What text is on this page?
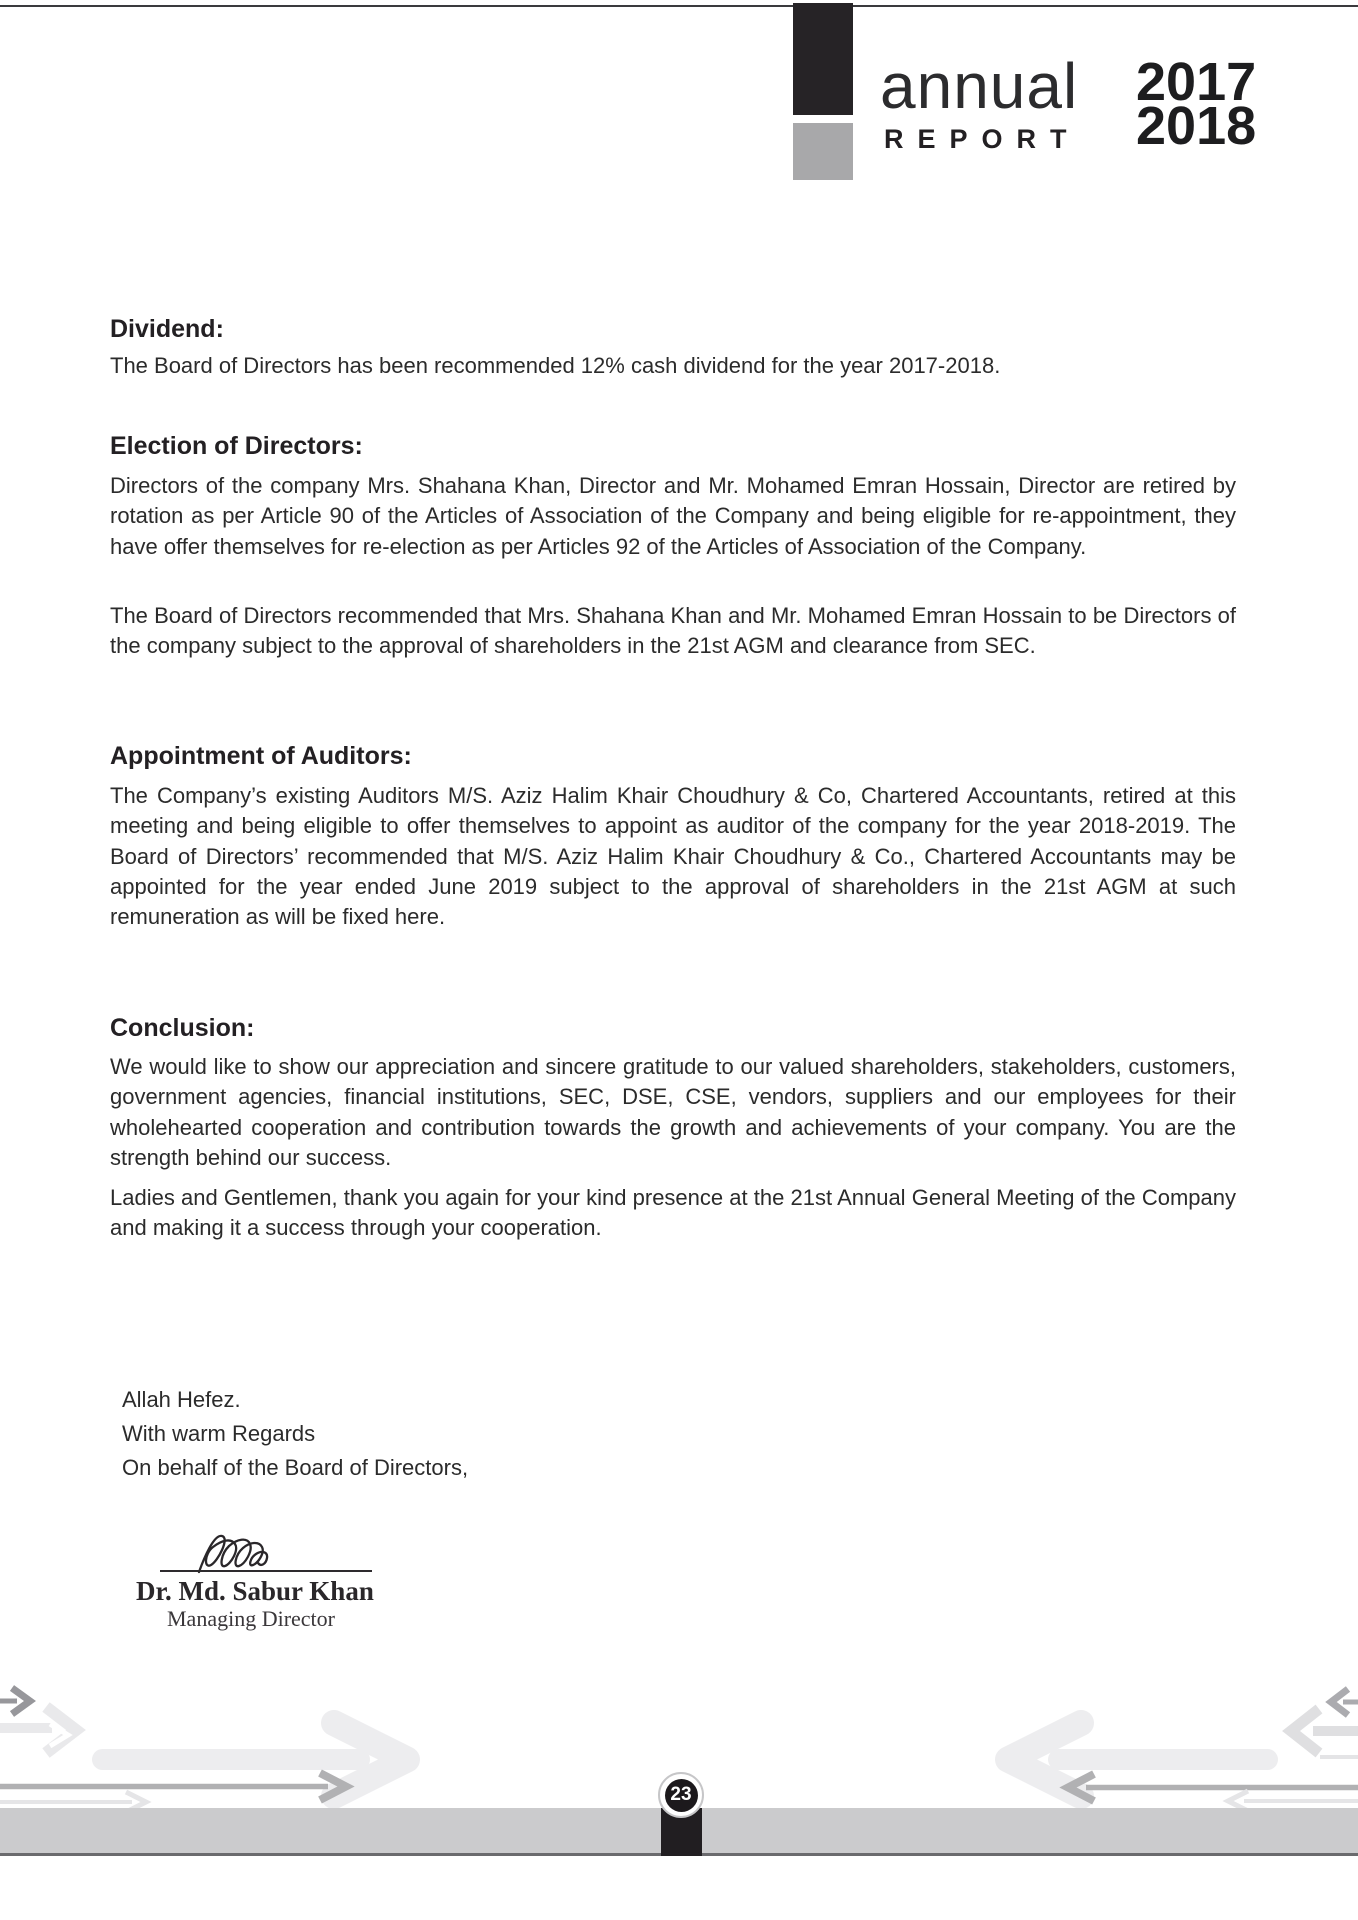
annual
REPORT
2017
2018
Dividend:
The Board of Directors has been recommended 12% cash dividend for the year 2017-2018.
Election of Directors:
Directors of the company Mrs. Shahana Khan, Director and Mr. Mohamed Emran Hossain, Director are retired by rotation as per Article 90 of the Articles of Association of the Company and being eligible for re-appointment, they have offer themselves for re-election as per Articles 92 of the Articles of Association of the Company.
The Board of Directors recommended that Mrs. Shahana Khan and Mr. Mohamed Emran Hossain to be Directors of the company subject to the approval of shareholders in the 21st AGM and clearance from SEC.
Appointment of Auditors:
The Company’s existing Auditors M/S. Aziz Halim Khair Choudhury & Co, Chartered Accountants, retired at this meeting and being eligible to offer themselves to appoint as auditor of the company for the year 2018-2019. The Board of Directors’ recommended that M/S. Aziz Halim Khair Choudhury & Co., Chartered Accountants may be appointed for the year ended June 2019 subject to the approval of shareholders in the 21st AGM at such remuneration as will be fixed here.
Conclusion:
We would like to show our appreciation and sincere gratitude to our valued shareholders, stakeholders, customers, government agencies, financial institutions, SEC, DSE, CSE, vendors, suppliers and our employees for their wholehearted cooperation and contribution towards the growth and achievements of your company. You are the strength behind our success.
Ladies and Gentlemen, thank you again for your kind presence at the 21st Annual General Meeting of the Company and making it a success through your cooperation.
Allah Hefez.
With warm Regards
On behalf of the Board of Directors,
Dr. Md. Sabur Khan
Managing Director
23
